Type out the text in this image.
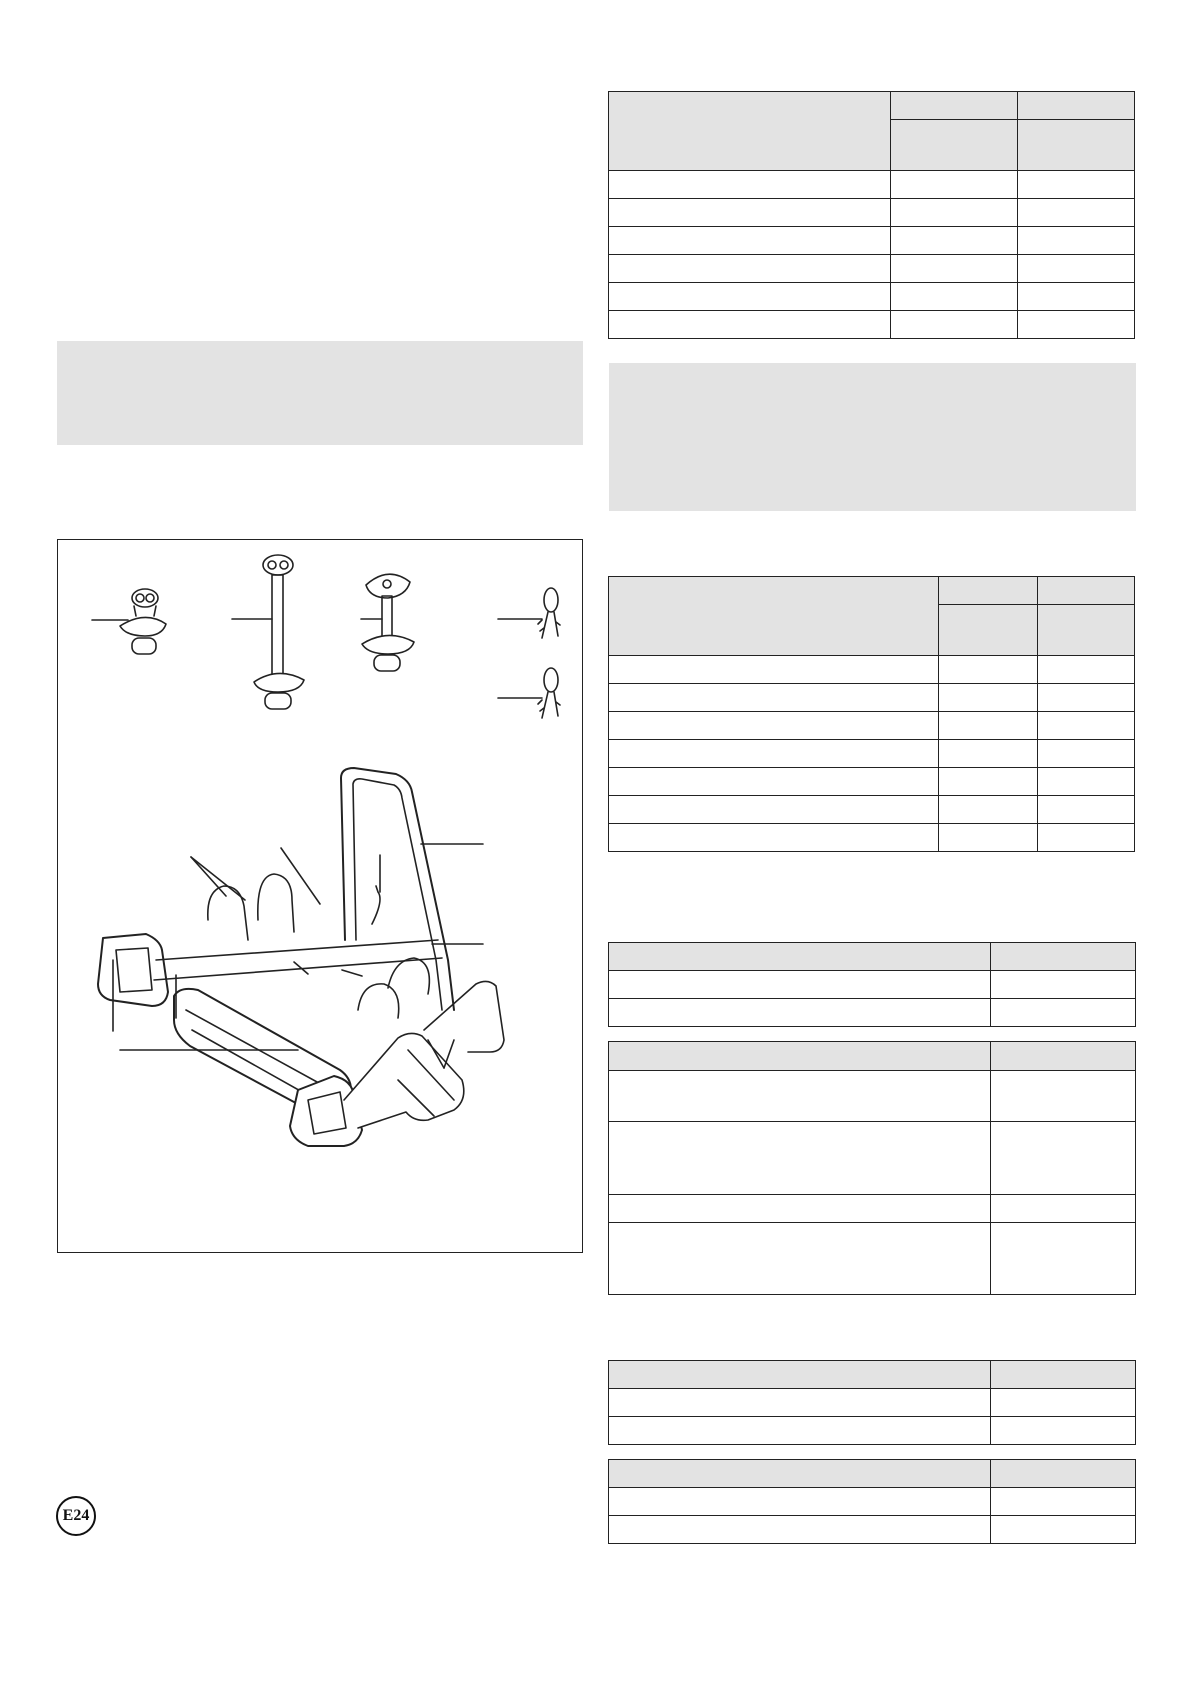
E24
